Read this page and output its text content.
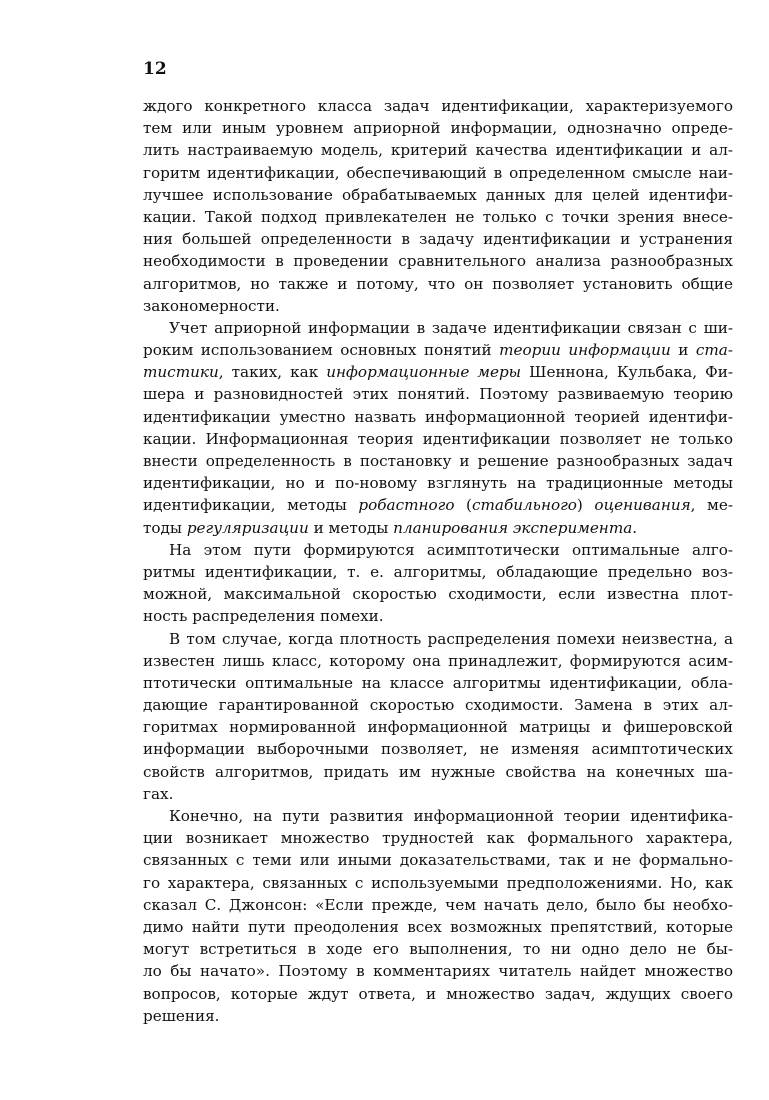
12
ждого конкретного класса задач идентификации, характеризуемого
тем или иным уровнем априорной информации, однозначно опреде-
лить настраиваемую модель, критерий качества идентификации и ал-
горитм идентификации, обеспечивающий в определенном смысле наи-
лучшее использование обрабатываемых данных для целей идентифи-
кации. Такой подход привлекателен не только с точки зрения внесе-
ния большей определенности в задачу идентификации и устранения
необходимости в проведении сравнительного анализа разнообразных
алгоритмов, но также и потому, что он позволяет установить общие
закономерности.
Учет априорной информации в задаче идентификации связан с ши-
роким использованием основных понятий теории информации и ста-
тистики, таких, как информационные меры Шеннона, Кульбака, Фи-
шера и разновидностей этих понятий. Поэтому развиваемую теорию
идентификации уместно назвать информационной теорией идентифи-
кации. Информационная теория идентификации позволяет не только
внести определенность в постановку и решение разнообразных задач
идентификации, но и по-новому взглянуть на традиционные методы
идентификации, методы робастного (стабильного) оценивания, ме-
тоды регуляризации и методы планирования эксперимента.
На этом пути формируются асимптотически оптимальные алго-
ритмы идентификации, т. е. алгоритмы, обладающие предельно воз-
можной, максимальной скоростью сходимости, если известна плот-
ность распределения помехи.
В том случае, когда плотность распределения помехи неизвестна, а
известен лишь класс, которому она принадлежит, формируются асим-
птотически оптимальные на классе алгоритмы идентификации, обла-
дающие гарантированной скоростью сходимости. Замена в этих ал-
горитмах нормированной информационной матрицы и фишеровской
информации выборочными позволяет, не изменяя асимптотических
свойств алгоритмов, придать им нужные свойства на конечных ша-
гах.
Конечно, на пути развития информационной теории идентифика-
ции возникает множество трудностей как формального характера,
связанных с теми или иными доказательствами, так и не формально-
го характера, связанных с используемыми предположениями. Но, как
сказал С. Джонсон: «Если прежде, чем начать дело, было бы необхо-
димо найти пути преодоления всех возможных препятствий, которые
могут встретиться в ходе его выполнения, то ни одно дело не бы-
ло бы начато». Поэтому в комментариях читатель найдет множество
вопросов, которые ждут ответа, и множество задач, ждущих своего
решения.
